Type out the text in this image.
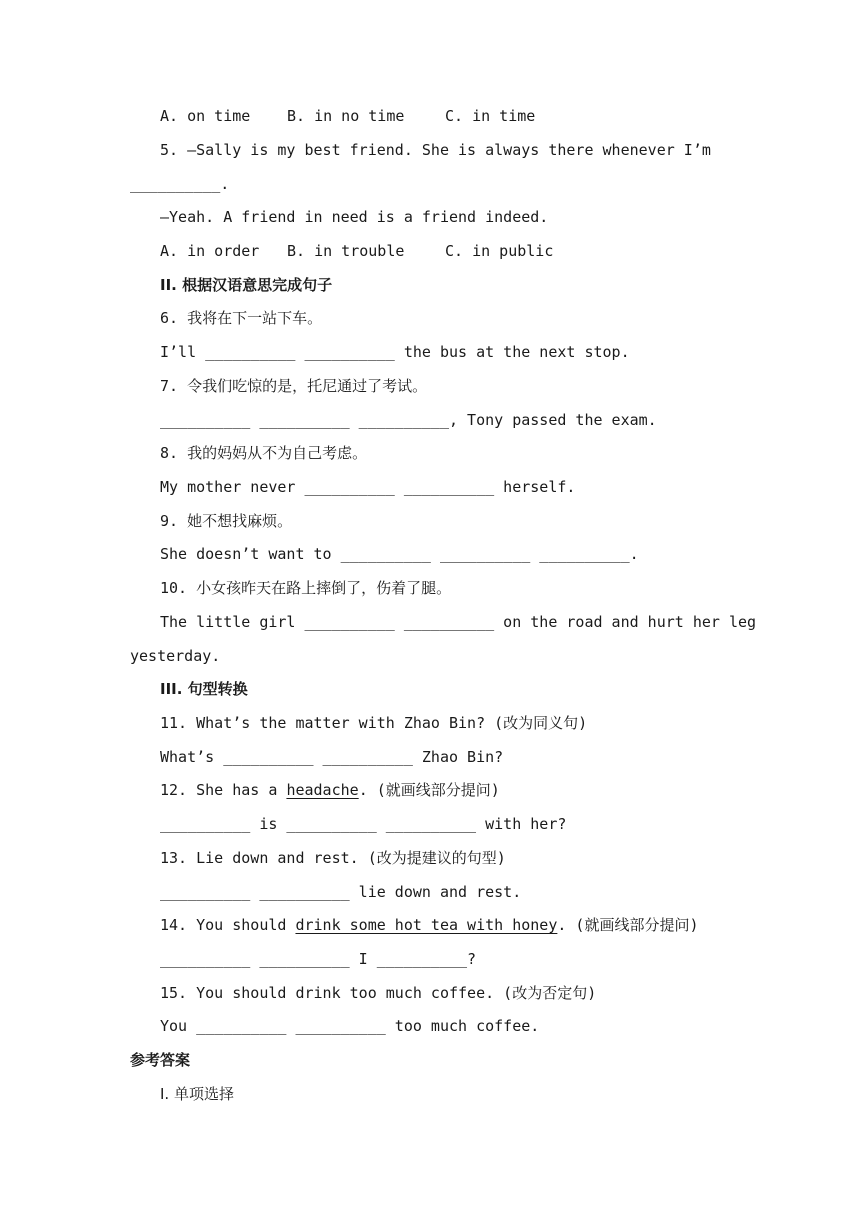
A. on time B. in no time	C. in time
5. —Sally is my best friend. She is always there whenever I’m
__________.
—Yeah. A friend in need is a friend indeed.
A. in order B. in trouble	C. in public
II. 根据汉语意思完成句子
6. 我将在下一站下车。
I’ll __________ __________ the bus at the next stop.
7. 令我们吃惊的是，托尼通过了考试。
__________ __________ __________, Tony passed the exam.
8. 我的妈妈从不为自己考虑。
My mother never __________ __________ herself.
9. 她不想找麻烦。
She doesn’t want to __________ __________ __________.
10. 小女孩昨天在路上摔倒了，伤着了腿。
The little girl __________ __________ on the road and hurt her leg
yesterday.
III. 句型转换
11. What’s the matter with Zhao Bin? (改为同义句)
What’s __________ __________ Zhao Bin?
12. She has a headache. (就画线部分提问)
__________ is __________ __________ with her?
13. Lie down and rest. (改为提建议的句型)
__________ __________ lie down and rest.
14. You should drink some hot tea with honey. (就画线部分提问)
__________ __________ I __________?
15. You should drink too much coffee. (改为否定句)
You __________ __________ too much coffee.
参考答案
I. 单项选择
